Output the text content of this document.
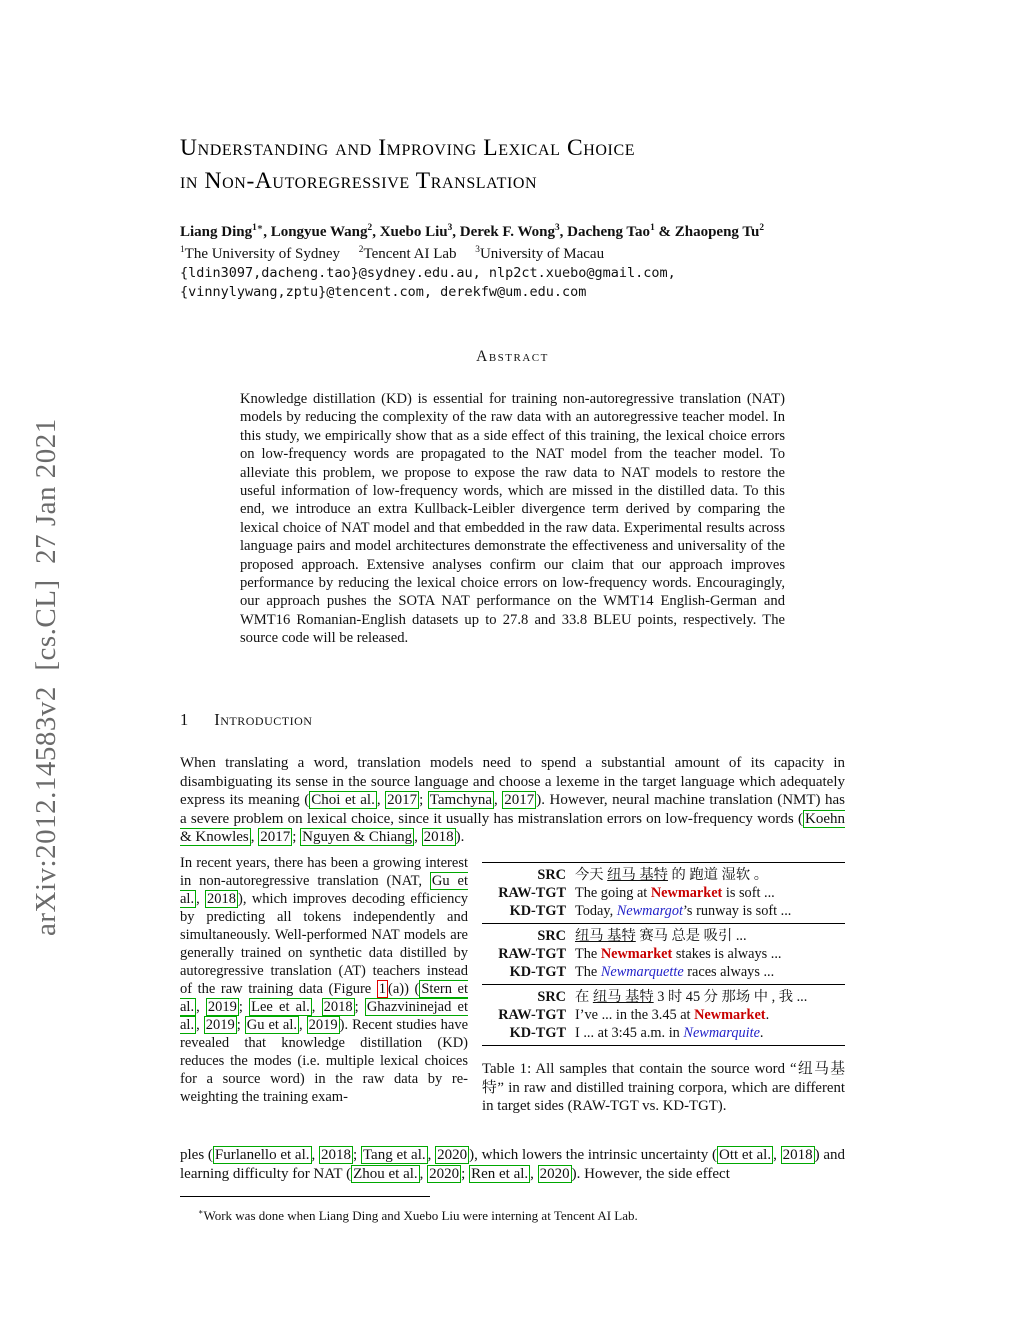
arXiv:2012.14583v2  [cs.CL]  27 Jan 2021
Understanding and Improving Lexical Choice
in Non-Autoregressive Translation
Liang Ding$^{1∗}$, Longyue Wang$^2$, Xuebo Liu$^3$, Derek F. Wong$^3$, Dacheng Tao$^1$ & Zhaopeng Tu$^2$
$^1$The University of Sydney     $^2$Tencent AI Lab     $^3$University of Macau
{ldin3097,dacheng.tao}@sydney.edu.au, nlp2ct.xuebo@gmail.com,
{vinnylywang,zptu}@tencent.com, derekfw@um.edu.com
Abstract
Knowledge distillation (KD) is essential for training non-autoregressive translation (NAT) models by reducing the complexity of the raw data with an autoregressive teacher model. In this study, we empirically show that as a side effect of this training, the lexical choice errors on low-frequency words are propagated to the NAT model from the teacher model. To alleviate this problem, we propose to expose the raw data to NAT models to restore the useful information of low-frequency words, which are missed in the distilled data. To this end, we introduce an extra Kullback-Leibler divergence term derived by comparing the lexical choice of NAT model and that embedded in the raw data. Experimental results across language pairs and model architectures demonstrate the effectiveness and universality of the proposed approach. Extensive analyses confirm our claim that our approach improves performance by reducing the lexical choice errors on low-frequency words. Encouragingly, our approach pushes the SOTA NAT performance on the WMT14 English-German and WMT16 Romanian-English datasets up to 27.8 and 33.8 BLEU points, respectively. The source code will be released.
1 Introduction
When translating a word, translation models need to spend a substantial amount of its capacity in disambiguating its sense in the source language and choose a lexeme in the target language which adequately express its meaning ( Choi et al. , 2017 ; Tamchyna , 2017 ). However, neural machine translation (NMT) has a severe problem on lexical choice, since it usually has mistranslation errors on low-frequency words ( Koehn & Knowles , 2017 ; Nguyen & Chiang , 2018 ).
In recent years, there has been a growing interest in non-autoregressive translation (NAT, Gu et al. , 2018 ), which improves decoding efficiency by predicting all tokens independently and simultaneously. Well-performed NAT models are generally trained on synthetic data distilled by autoregressive translation (AT) teachers instead of the raw training data (Figure 1 (a)) ( Stern et al. , 2019 ; Lee et al. , 2018 ; Ghazvininejad et al. , 2019 ; Gu et al. , 2019 ). Recent studies have revealed that knowledge distillation (KD) reduces the modes (i.e. multiple lexical choices for a source word) in the raw data by re-weighting the training exam-
SRC 今天 纽马 基特 的 跑道 湿软 。
RAW-TGT The going at Newmarket is soft ...
KD-TGT Today, Newmargot’s runway is soft ...
SRC 纽马 基特 赛马 总是 吸引 ...
RAW-TGT The Newmarket stakes is always ...
KD-TGT The Newmarquette races always ...
SRC 在 纽马 基特 3 时 45 分 那场 中 , 我 ...
RAW-TGT I’ve ... in the 3.45 at Newmarket.
KD-TGT I ... at 3:45 a.m. in Newmarquite.
Table 1: All samples that contain the source word “纽马基特” in raw and distilled training corpora, which are different in target sides (RAW-TGT vs. KD-TGT).
ples ( Furlanello et al. , 2018 ; Tang et al. , 2020 ), which lowers the intrinsic uncertainty ( Ott et al. , 2018 ) and learning difficulty for NAT ( Zhou et al. , 2020 ; Ren et al. , 2020 ). However, the side effect
∗Work was done when Liang Ding and Xuebo Liu were interning at Tencent AI Lab.
